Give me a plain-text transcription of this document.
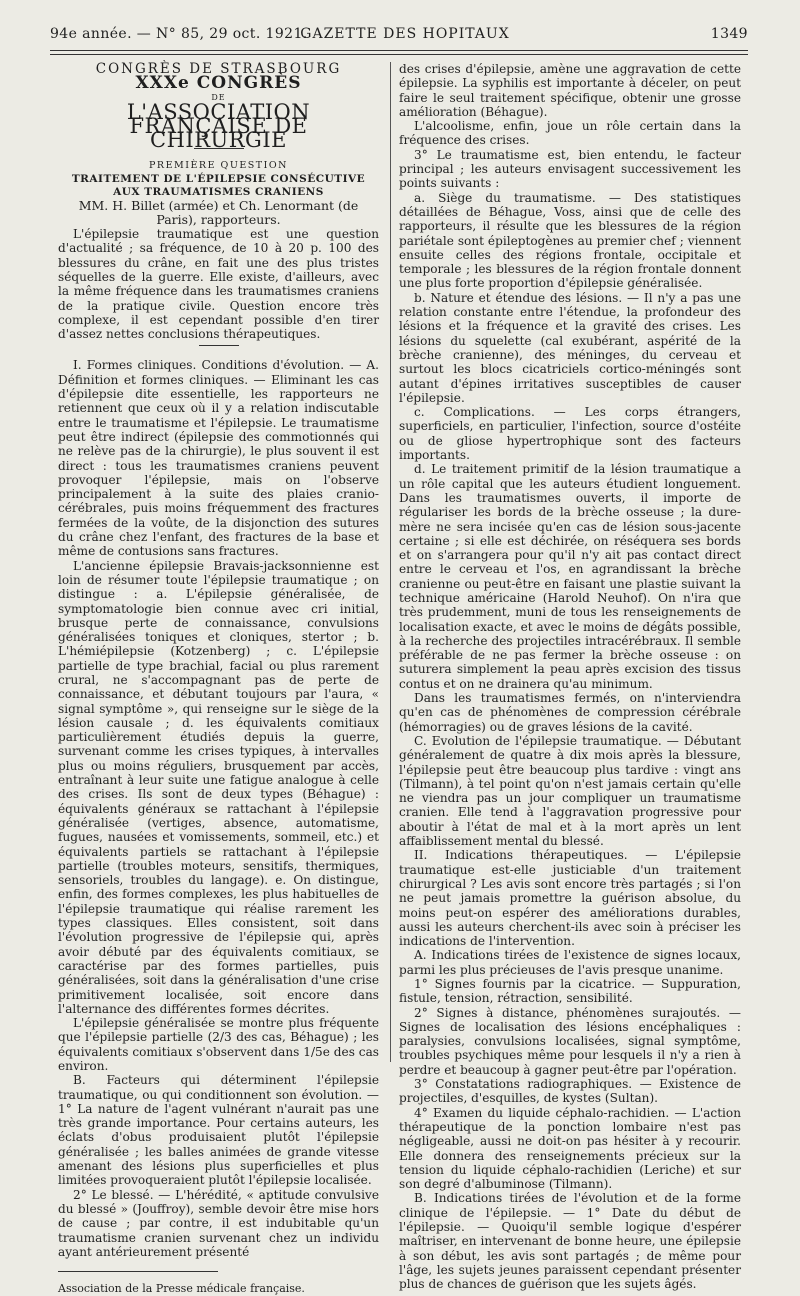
94e année. — N° 85, 29 oct. 1921.
GAZETTE DES HOPITAUX	1349

CONGRÈS DE STRASBOURG

XXXe CONGRÈS

DE

L'ASSOCIATION FRANÇAISE DE CHIRURGIE

PREMIÈRE QUESTION

TRAITEMENT DE L'ÉPILEPSIE CONSÉCUTIVE AUX TRAUMATISMES CRANIENS

MM. H. Billet (armée) et Ch. Lenormant (de Paris), rapporteurs.

L'épilepsie traumatique est une question d'actualité ; sa fréquence, de 10 à 20 p. 100 des blessures du crâne, en fait une des plus tristes séquelles de la guerre. Elle existe, d'ailleurs, avec la même fréquence dans les traumatismes craniens de la pratique civile. Question encore très complexe, il est cependant possible d'en tirer d'assez nettes conclusions thérapeutiques.

I. Formes cliniques. Conditions d'évolution. — A. Définition et formes cliniques. — Eliminant les cas d'épilepsie dite essentielle, les rapporteurs ne retiennent que ceux où il y a relation indiscutable entre le traumatisme et l'épilepsie. Le traumatisme peut être indirect (épilepsie des commotionnés qui ne relève pas de la chirurgie), le plus souvent il est direct : tous les traumatismes craniens peuvent provoquer l'épilepsie, mais on l'observe principalement à la suite des plaies cranio-cérébrales, puis moins fréquemment des fractures fermées de la voûte, de la disjonction des sutures du crâne chez l'enfant, des fractures de la base et même de contusions sans fractures.

L'ancienne épilepsie Bravais-jacksonnienne est loin de résumer toute l'épilepsie traumatique ; on distingue : a. L'épilepsie généralisée, de symptomatologie bien connue avec cri initial, brusque perte de connaissance, convulsions généralisées toniques et cloniques, stertor ; b. L'hémiépilepsie (Kotzenberg) ; c. L'épilepsie partielle de type brachial, facial ou plus rarement crural, ne s'accompagnant pas de perte de connaissance, et débutant toujours par l'aura, « signal symptôme », qui renseigne sur le siège de la lésion causale ; d. les équivalents comitiaux particulièrement étudiés depuis la guerre, survenant comme les crises typiques, à intervalles plus ou moins réguliers, brusquement par accès, entraînant à leur suite une fatigue analogue à celle des crises. Ils sont de deux types (Béhague) : équivalents généraux se rattachant à l'épilepsie généralisée (vertiges, absence, automatisme, fugues, nausées et vomissements, sommeil, etc.) et équivalents partiels se rattachant à l'épilepsie partielle (troubles moteurs, sensitifs, thermiques, sensoriels, troubles du langage). e. On distingue, enfin, des formes complexes, les plus habituelles de l'épilepsie traumatique qui réalise rarement les types classiques. Elles consistent, soit dans l'évolution progressive de l'épilepsie qui, après avoir débuté par des équivalents comitiaux, se caractérise par des formes partielles, puis généralisées, soit dans la généralisation d'une crise primitivement localisée, soit encore dans l'alternance des différentes formes décrites.

L'épilepsie généralisée se montre plus fréquente que l'épilepsie partielle (2/3 des cas, Béhague) ; les équivalents comitiaux s'observent dans 1/5e des cas environ.

B. Facteurs qui déterminent l'épilepsie traumatique, ou qui conditionnent son évolution. — 1° La nature de l'agent vulnérant n'aurait pas une très grande importance. Pour certains auteurs, les éclats d'obus produisaient plutôt l'épilepsie généralisée ; les balles animées de grande vitesse amenant des lésions plus superficielles et plus limitées provoqueraient plutôt l'épilepsie localisée.

2° Le blessé. — L'hérédité, « aptitude convulsive du blessé » (Jouffroy), semble devoir être mise hors de cause ; par contre, il est indubitable qu'un traumatisme cranien survenant chez un individu ayant antérieurement présenté

Association de la Presse médicale française.

des crises d'épilepsie, amène une aggravation de cette épilepsie. La syphilis est importante à déceler, on peut faire le seul traitement spécifique, obtenir une grosse amélioration (Béhague).

L'alcoolisme, enfin, joue un rôle certain dans la fréquence des crises.

3° Le traumatisme est, bien entendu, le facteur principal ; les auteurs envisagent successivement les points suivants :

a. Siège du traumatisme. — Des statistiques détaillées de Béhague, Voss, ainsi que de celle des rapporteurs, il résulte que les blessures de la région pariétale sont épileptogènes au premier chef ; viennent ensuite celles des régions frontale, occipitale et temporale ; les blessures de la région frontale donnent une plus forte proportion d'épilepsie généralisée.

b. Nature et étendue des lésions. — Il n'y a pas une relation constante entre l'étendue, la profondeur des lésions et la fréquence et la gravité des crises. Les lésions du squelette (cal exubérant, aspérité de la brèche cranienne), des méninges, du cerveau et surtout les blocs cicatriciels cortico-méningés sont autant d'épines irritatives susceptibles de causer l'épilepsie.

c. Complications. — Les corps étrangers, superficiels, en particulier, l'infection, source d'ostéite ou de gliose hypertrophique sont des facteurs importants.

d. Le traitement primitif de la lésion traumatique a un rôle capital que les auteurs étudient longuement. Dans les traumatismes ouverts, il importe de régulariser les bords de la brèche osseuse ; la dure-mère ne sera incisée qu'en cas de lésion sous-jacente certaine ; si elle est déchirée, on réséquera ses bords et on s'arrangera pour qu'il n'y ait pas contact direct entre le cerveau et l'os, en agrandissant la brèche cranienne ou peut-être en faisant une plastie suivant la technique américaine (Harold Neuhof). On n'ira que très prudemment, muni de tous les renseignements de localisation exacte, et avec le moins de dégâts possible, à la recherche des projectiles intracérébraux. Il semble préférable de ne pas fermer la brèche osseuse : on suturera simplement la peau après excision des tissus contus et on ne drainera qu'au minimum.

Dans les traumatismes fermés, on n'interviendra qu'en cas de phénomènes de compression cérébrale (hémorragies) ou de graves lésions de la cavité.

C. Evolution de l'épilepsie traumatique. — Débutant généralement de quatre à dix mois après la blessure, l'épilepsie peut être beaucoup plus tardive : vingt ans (Tilmann), à tel point qu'on n'est jamais certain qu'elle ne viendra pas un jour compliquer un traumatisme cranien. Elle tend à l'aggravation progressive pour aboutir à l'état de mal et à la mort après un lent affaiblissement mental du blessé.

II. Indications thérapeutiques. — L'épilepsie traumatique est-elle justiciable d'un traitement chirurgical ? Les avis sont encore très partagés ; si l'on ne peut jamais promettre la guérison absolue, du moins peut-on espérer des améliorations durables, aussi les auteurs cherchent-ils avec soin à préciser les indications de l'intervention.

A. Indications tirées de l'existence de signes locaux, parmi les plus précieuses de l'avis presque unanime.

1° Signes fournis par la cicatrice. — Suppuration, fistule, tension, rétraction, sensibilité.

2° Signes à distance, phénomènes surajoutés. — Signes de localisation des lésions encéphaliques : paralysies, convulsions localisées, signal symptôme, troubles psychiques même pour lesquels il n'y a rien à perdre et beaucoup à gagner peut-être par l'opération.

3° Constatations radiographiques. — Existence de projectiles, d'esquilles, de kystes (Sultan).

4° Examen du liquide céphalo-rachidien. — L'action thérapeutique de la ponction lombaire n'est pas négligeable, aussi ne doit-on pas hésiter à y recourir. Elle donnera des renseignements précieux sur la tension du liquide céphalo-rachidien (Leriche) et sur son degré d'albuminose (Tilmann).

B. Indications tirées de l'évolution et de la forme clinique de l'épilepsie. — 1° Date du début de l'épilepsie. — Quoiqu'il semble logique d'espérer maîtriser, en intervenant de bonne heure, une épilepsie à son début, les avis sont partagés ; de même pour l'âge, les sujets jeunes paraissent cependant présenter plus de chances de guérison que les sujets âgés.
